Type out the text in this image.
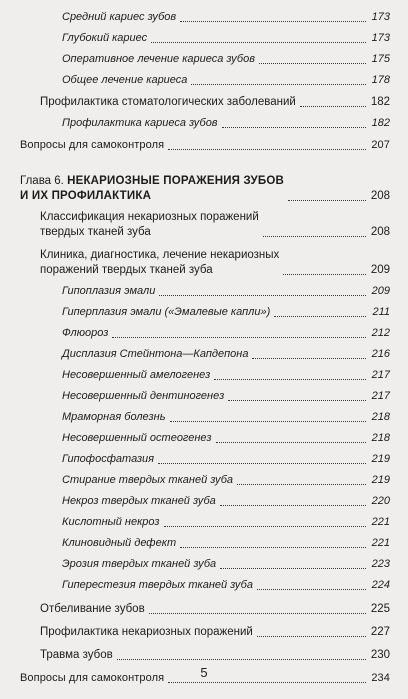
Средний кариес зубов	173
Глубокий кариес	173
Оперативное лечение кариеса зубов	175
Общее лечение кариеса	178
Профилактика стоматологических заболеваний	182
Профилактика кариеса зубов	182
Вопросы для самоконтроля	207
Глава 6. НЕКАРИОЗНЫЕ ПОРАЖЕНИЯ ЗУБОВ
И ИХ ПРОФИЛАКТИКА	208
Классификация некариозных поражений
твердых тканей зуба	208
Клиника, диагностика, лечение некариозных
поражений твердых тканей зуба	209
Гипоплазия эмали	209
Гиперплазия эмали («Эмалевые капли»)	211
Флюороз	212
Дисплазия Стейнтона—Капдепона	216
Несовершенный амелогенез	217
Несовершенный дентиногенез	217
Мраморная болезнь	218
Несовершенный остеогенез	218
Гипофосфатазия	219
Стирание твердых тканей зуба	219
Некроз твердых тканей зуба	220
Кислотный некроз	221
Клиновидный дефект	221
Эрозия твердых тканей зуба	223
Гиперестезия твердых тканей зуба	224
Отбеливание зубов	225
Профилактика некариозных поражений	227
Травма зубов	230
Вопросы для самоконтроля	234
5
